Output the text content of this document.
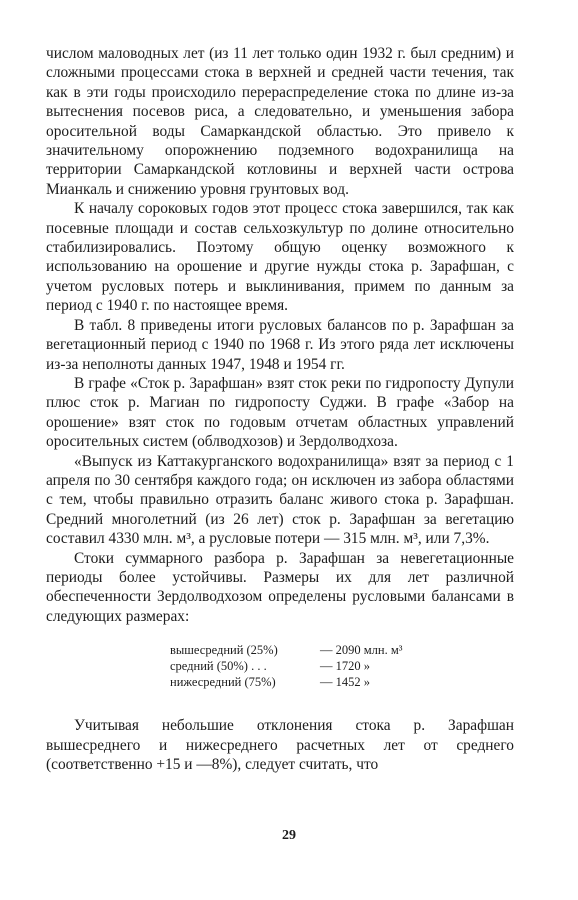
числом маловодных лет (из 11 лет только один 1932 г. был средним) и сложными процессами стока в верхней и средней части течения, так как в эти годы происходило перераспределение стока по длине из-за вытеснения посевов риса, а следовательно, и уменьшения забора оросительной воды Самаркандской областью. Это привело к значительному опорожнению подземного водохранилища на территории Самаркандской котловины и верхней части острова Мианкаль и снижению уровня грунтовых вод.

К началу сороковых годов этот процесс стока завершился, так как посевные площади и состав сельхозкультур по долине относительно стабилизировались. Поэтому общую оценку возможного к использованию на орошение и другие нужды стока р. Зарафшан, с учетом русловых потерь и выклинивания, примем по данным за период с 1940 г. по настоящее время.

В табл. 8 приведены итоги русловых балансов по р. Зарафшан за вегетационный период с 1940 по 1968 г. Из этого ряда лет исключены из-за неполноты данных 1947, 1948 и 1954 гг.

В графе «Сток р. Зарафшан» взят сток реки по гидропосту Дупули плюс сток р. Магиан по гидропосту Суджи. В графе «Забор на орошение» взят сток по годовым отчетам областных управлений оросительных систем (облводхозов) и Зердолводхоза.

«Выпуск из Каттакурганского водохранилища» взят за период с 1 апреля по 30 сентября каждого года; он исключен из забора областями с тем, чтобы правильно отразить баланс живого стока р. Зарафшан. Средний многолетний (из 26 лет) сток р. Зарафшан за вегетацию составил 4330 млн. м³, а русловые потери — 315 млн. м³, или 7,3%.

Стоки суммарного разбора р. Зарафшан за невегетационные периоды более устойчивы. Размеры их для лет различной обеспеченности Зердолводхозом определены русловыми балансами в следующих размерах:

вышесредний (25%)	— 2090 млн. м³
средний (50%) . . .	— 1720 »
нижесредний (75%)	— 1452 »

Учитывая небольшие отклонения стока р. Зарафшан вышесреднего и нижесреднего расчетных лет от среднего (соответственно +15 и —8%), следует считать, что

29
